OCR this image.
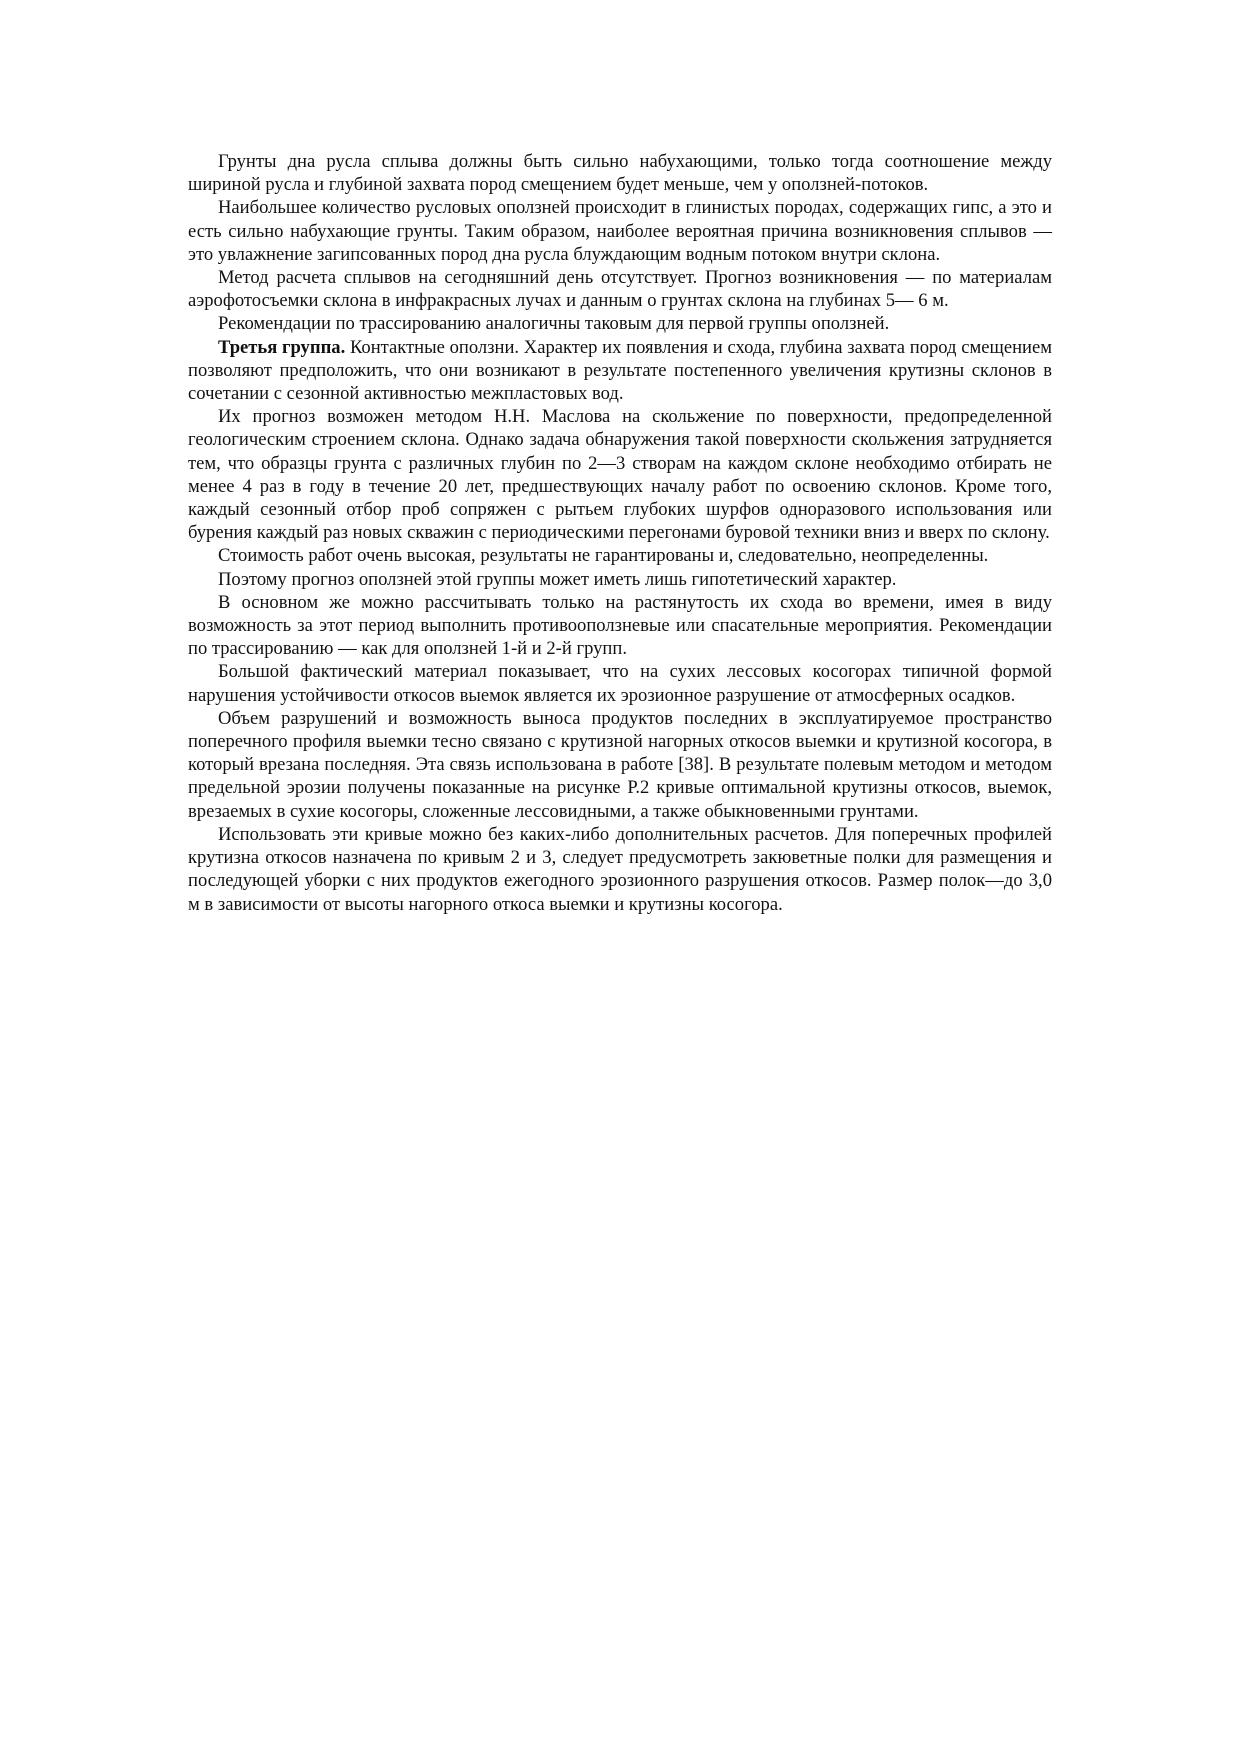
Грунты дна русла сплыва должны быть сильно набухающими, только тогда соотношение между шириной русла и глубиной захвата пород смещением будет меньше, чем у оползней-потоков.

Наибольшее количество русловых оползней происходит в глинистых породах, содержащих гипс, а это и есть сильно набухающие грунты. Таким образом, наиболее вероятная причина возникновения сплывов — это увлажнение загипсованных пород дна русла блуждающим водным потоком внутри склона.

Метод расчета сплывов на сегодняшний день отсутствует. Прогноз возникновения — по материалам аэрофотосъемки склона в инфракрасных лучах и данным о грунтах склона на глубинах 5— 6 м.

Рекомендации по трассированию аналогичны таковым для первой группы оползней.

Третья группа. Контактные оползни. Характер их появления и схода, глубина захвата пород смещением позволяют предположить, что они возникают в результате постепенного увеличения крутизны склонов в сочетании с сезонной активностью межпластовых вод.

Их прогноз возможен методом Н.Н. Маслова на скольжение по поверхности, предопределенной геологическим строением склона. Однако задача обнаружения такой поверхности скольжения затрудняется тем, что образцы грунта с различных глубин по 2—3 створам на каждом склоне необходимо отбирать не менее 4 раз в году в течение 20 лет, предшествующих началу работ по освоению склонов. Кроме того, каждый сезонный отбор проб сопряжен с рытьем глубоких шурфов одноразового использования или бурения каждый раз новых скважин с периодическими перегонами буровой техники вниз и вверх по склону.

Стоимость работ очень высокая, результаты не гарантированы и, следовательно, неопределенны.

Поэтому прогноз оползней этой группы может иметь лишь гипотетический характер.

В основном же можно рассчитывать только на растянутость их схода во времени, имея в виду возможность за этот период выполнить противооползневые или спасательные мероприятия. Рекомендации по трассированию — как для оползней 1-й и 2-й групп.

Большой фактический материал показывает, что на сухих лессовых косогорах типичной формой нарушения устойчивости откосов выемок является их эрозионное разрушение от атмосферных осадков.

Объем разрушений и возможность выноса продуктов последних в эксплуатируемое пространство поперечного профиля выемки тесно связано с крутизной нагорных откосов выемки и крутизной косогора, в который врезана последняя. Эта связь использована в работе [38]. В результате полевым методом и методом предельной эрозии получены показанные на рисунке Р.2 кривые оптимальной крутизны откосов, выемок, врезаемых в сухие косогоры, сложенные лессовидными, а также обыкновенными грунтами.

Использовать эти кривые можно без каких-либо дополнительных расчетов. Для поперечных профилей крутизна откосов назначена по кривым 2 и 3, следует предусмотреть закюветные полки для размещения и последующей уборки с них продуктов ежегодного эрозионного разрушения откосов. Размер полок—до 3,0 м в зависимости от высоты нагорного откоса выемки и крутизны косогора.
